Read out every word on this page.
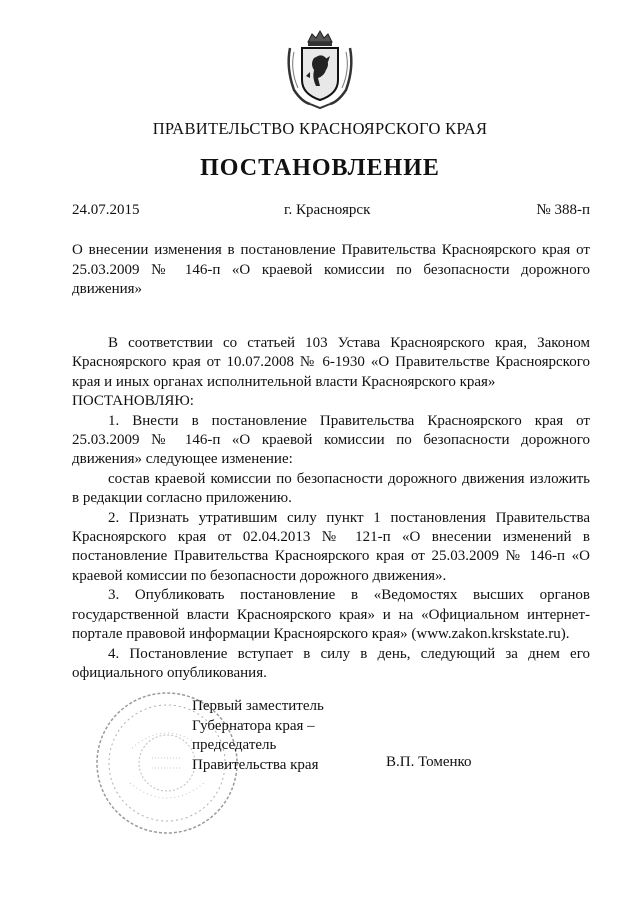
ПРАВИТЕЛЬСТВО КРАСНОЯРСКОГО КРАЯ
ПОСТАНОВЛЕНИЕ
24.07.2015	г. Красноярск	№ 388-п
О внесении изменения в постановление Правительства Красноярского края от 25.03.2009 № 146-п «О краевой комиссии по безопасности дорожного движения»

В соответствии со статьей 103 Устава Красноярского края, Законом Красноярского края от 10.07.2008 № 6-1930 «О Правительстве Красноярского края и иных органах исполнительной власти Красноярского края»

ПОСТАНОВЛЯЮ:

1. Внести в постановление Правительства Красноярского края от 25.03.2009 № 146-п «О краевой комиссии по безопасности дорожного движения» следующее изменение:

состав краевой комиссии по безопасности дорожного движения изложить в редакции согласно приложению.

2. Признать утратившим силу пункт 1 постановления Правительства Красноярского края от 02.04.2013 № 121-п «О внесении изменений в постановление Правительства Красноярского края от 25.03.2009 № 146-п «О краевой комиссии по безопасности дорожного движения».

3. Опубликовать постановление в «Ведомостях высших органов государственной власти Красноярского края» и на «Официальном интернет-портале правовой информации Красноярского края» (www.zakon.krskstate.ru).

4. Постановление вступает в силу в день, следующий за днем его официального опубликования.

Первый заместитель
Губернатора края –
председатель
Правительства края	В.П. Томенко
